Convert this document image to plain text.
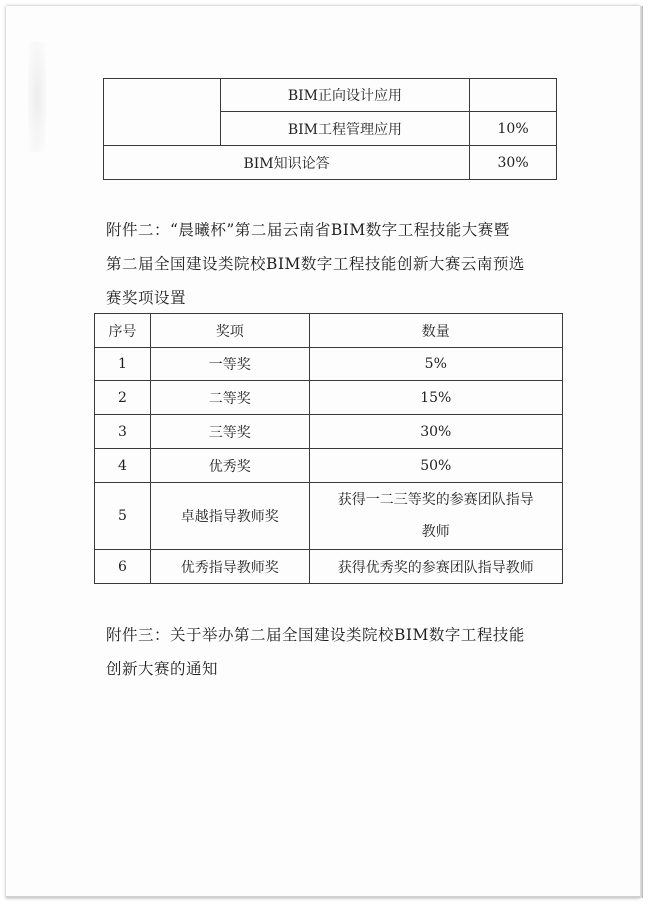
	BIM正向设计应用	
	BIM工程管理应用	10%
BIM知识论答		30%

附件二：“晨曦杯”第二届云南省BIM数字工程技能大赛暨
第二届全国建设类院校BIM数字工程技能创新大赛云南预选
赛奖项设置

序号	奖项	数量
1	一等奖	5%
2	二等奖	15%
3	三等奖	30%
4	优秀奖	50%
5	卓越指导教师奖	获得一二三等奖的参赛团队指导
教师

6	优秀指导教师奖	获得优秀奖的参赛团队指导教师

附件三：关于举办第二届全国建设类院校BIM数字工程技能
创新大赛的通知
